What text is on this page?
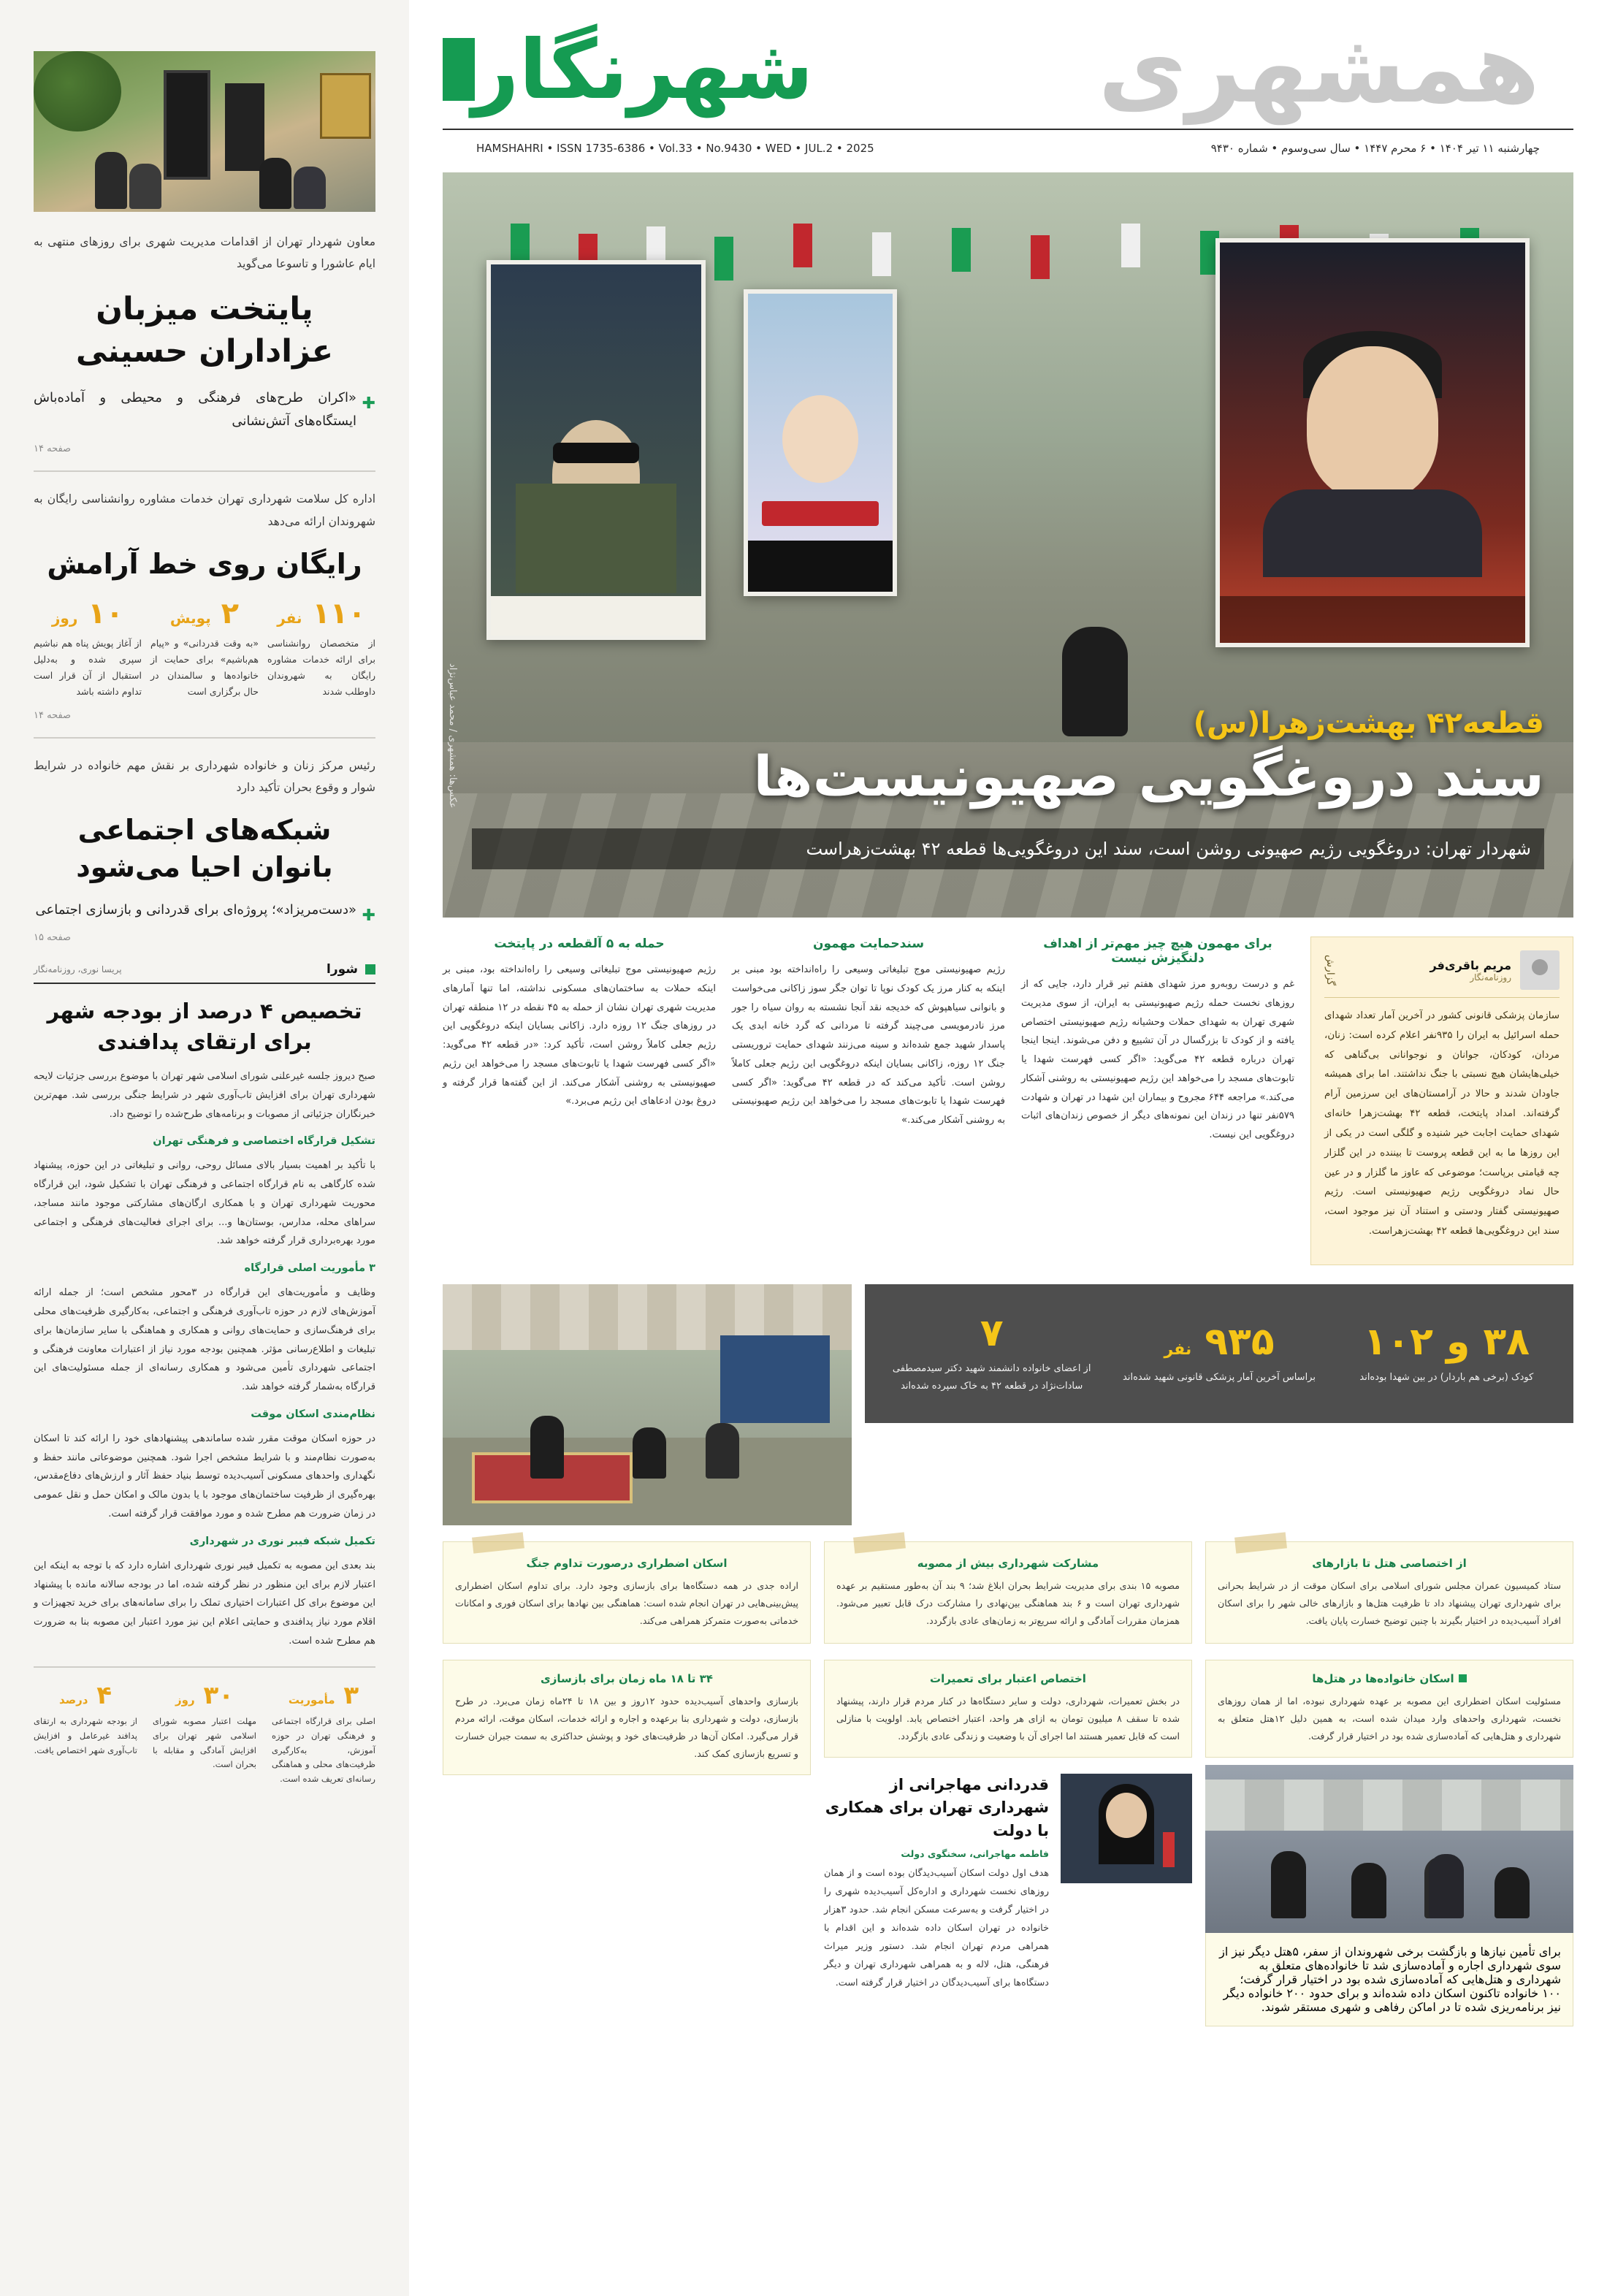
معاون شهردار تهران از اقدامات مدیریت شهری برای روزهای منتهی به ایام عاشورا و تاسوعا می‌گوید

پایتخت میزبان عزاداران حسینی
✚
«اکران طرح‌های فرهنگی و محیطی و آماده‌باش ایستگاه‌های آتش‌نشانی
صفحه ۱۴

اداره کل سلامت شهرداری تهران خدمات مشاوره روانشناسی رایگان به شهروندان ارائه می‌دهد

رایگان روی خط آرامش
۱۱۰ نفر
از متخصصان روانشناسی برای ارائه خدمات مشاوره رایگان به شهروندان داوطلب شدند
۲ پویش
«به وقت قدردانی» و «پیام هم‌باشیم» برای حمایت از خانواده‌ها و سالمندان در حال برگزاری است
۱۰ روز
از آغاز پویش پناه هم نباشیم سپری شده و به‌دلیل استقبال از آن قرار است تداوم داشته باشد
صفحه ۱۴

رئیس مرکز زنان و خانواده شهرداری بر نقش مهم خانواده در شرایط شوار و وقوع بحران تأکید دارد

شبکه‌های اجتماعی بانوان احیا می‌شود
✚
«دست‌مریزاد»؛ پروژه‌ای برای قدردانی و بازسازی اجتماعی
صفحه ۱۵
شورا
پریسا نوری، روزنامه‌نگار
تخصیص ۴ درصد از بودجه شهر برای ارتقای پدافندی

صبح دیروز جلسه غیرعلنی شورای اسلامی شهر تهران با موضوع بررسی جزئیات لایحه شهرداری تهران برای افزایش تاب‌آوری شهر در شرایط جنگی بررسی شد. مهم‌ترین خبرنگاران جزئیاتی از مصوبات و برنامه‌های طرح‌شده را توضیح داد.

تشکیل قرارگاه اختصاصی و فرهنگی تهران

با تأکید بر اهمیت بسیار بالای مسائل روحی، روانی و تبلیغاتی در این حوزه، پیشنهاد شده کارگاهی به نام قرارگاه اجتماعی و فرهنگی تهران با تشکیل شود، این قرارگاه محوریت شهرداری تهران و با همکاری ارگان‌های مشارکتی موجود مانند مساجد، سراهای محله، مدارس، بوستان‌ها و... برای اجرای فعالیت‌های فرهنگی و اجتماعی مورد بهره‌برداری قرار گرفته خواهد شد.

۳ مأموریت اصلی قرارگاه

وظایف و مأموریت‌های این قرارگاه در ۳محور مشخص است؛ از جمله ارائه آموزش‌های لازم در حوزه تاب‌آوری فرهنگی و اجتماعی، به‌کارگیری ظرفیت‌های محلی برای فرهنگ‌سازی و حمایت‌های روانی و همکاری و هماهنگی با سایر سازمان‌ها برای تبلیغات و اطلاع‌رسانی مؤثر. همچنین بودجه مورد نیاز از اعتبارات معاونت فرهنگی و اجتماعی شهرداری تأمین می‌شود و همکاری رسانه‌ای از جمله مسئولیت‌های این قرارگاه به‌شمار گرفته خواهد شد.

نظام‌مندی اسکان موقت

در حوزه اسکان موقت مقرر شده ساماندهی پیشنهادهای خود را ارائه کند تا اسکان به‌صورت نظام‌مند و با شرایط مشخص اجرا شود. همچنین موضوعاتی مانند حفظ و نگهداری واحدهای مسکونی آسیب‌دیده توسط بنیاد حفظ آثار و ارزش‌های دفاع‌مقدس، بهره‌گیری از ظرفیت ساختمان‌های موجود با یا بدون مالک و امکان حمل و نقل عمومی در زمان ضرورت هم مطرح شده و مورد موافقت قرار گرفته است.

تکمیل شبکه فیبر نوری در شهرداری

بند بعدی این مصوبه به تکمیل فیبر نوری شهرداری اشاره دارد که با توجه به اینکه این اعتبار لازم برای این منظور در نظر گرفته شده، اما در بودجه سالانه مانده با پیشنهاد این موضوع برای کل اعتبارات اختیاری تملک را برای سامانه‌های برای خرید تجهیزات و اقلام مورد نیاز پدافندی و حمایتی اعلام این نیز مورد اعتبار این مصوبه بنا به ضرورت هم مطرح شده است.

۳ مأموریت
اصلی برای قرارگاه اجتماعی و فرهنگی تهران در حوزه آموزش، به‌کارگیری ظرفیت‌های محلی و هماهنگی رسانه‌ای تعریف شده است.
۳۰ روز
مهلت اعتبار مصوبه شورای اسلامی شهر تهران برای افزایش آمادگی و مقابله با بحران است.
۴ درصد
از بودجه شهرداری به ارتقای پدافند غیرعامل و افزایش تاب‌آوری شهر اختصاص یافت.
همشهری
شهرنگار
HAMSHAHRI • ISSN 1735-6386 • Vol.33 • No.9430 • WED • JUL.2 • 2025	چهارشنبه ۱۱ تیر ۱۴۰۴ • ۶ محرم ۱۴۴۷ • سال سی‌وسوم • شماره ۹۴۳۰
قطعه۴۲ بهشت‌زهرا(س)
سند دروغگویی صهیونیست‌ها
شهردار تهران: دروغگویی رژیم صهیونی روشن است، سند این دروغگویی‌ها قطعه ۴۲ بهشت‌زهرا‌ست
عکس‌ها: همشهری / محمد عباس‌نژاد
مریم باقری‌فر
روزنامه‌نگار
گزارش

سازمان پزشکی قانونی کشور در آخرین آمار تعداد شهدای حمله اسرائیل به ایران را ۹۳۵نفر اعلام کرده است: زنان، مردان، کودکان، جوانان و نوجوانانی بی‌گناهی که خیلی‌هایشان هیچ نسبتی با جنگ نداشتند. اما برای همیشه جاودان شدند و حالا در آرامستان‌های این سرزمین آرام گرفته‌اند. امداد پایتخت، قطعه ۴۲ بهشت‌زهرا خانه‌ای شهدای حمایت اجابت خیر شنیده و گلگی است در یکی از این روزها ما به این قطعه پروست تا بیننده در این گلزار چه قیامتی برپاست؛ موضوعی که عاوز ما گلزار و در عین حال نماد دروغگویی رژیم صهیونیستی است. رژیم صهیونیستی گفتار ودستی و استناد آن نیز موجود است، سند این دروغگویی‌ها قطعه ۴۲ بهشت‌زهراست.

برای مهمون هیچ چیز مهم‌تر از اهداف دلنگیزش نیست

غم و درست روبه‌رو مرز شهدای هفتم تیر قرار دارد، جایی که از روزهای نخست حمله رژیم صهیونیستی به ایران، از سوی مدیریت شهری تهران به شهدای حملات وحشیانه رژیم صهیونیستی اختصاص یافته و از کودک تا بزرگسال در آن تشییع و دفن می‌شوند. اینجا اینجا تهران درباره قطعه ۴۲ می‌گوید: «اگر کسی فهرست شهدا یا تابوت‌های مسجد را می‌خواهد این رژیم صهیونیستی به روشنی آشکار می‌کند.» مراجعه ۶۴۴ مجروح و بیماران این شهدا در تهران و شهادت ۵۷۹نفر تنها در زندان این نمونه‌های دیگر از خصوص زندان‌های اثبات دروغگویی این نیست.

سندحمایت مهمون

رژیم صهیونیستی موج تبلیغاتی وسیعی را راه‌انداخته بود مبنی بر اینکه به کنار مرز یک کودک نوپا تا توان جگر سوز زاکانی می‌خواست و بانوانی سیاهپوش که خدیجه نقد آنجا نشسته به روان سیاه را جور مرز نادرمویسی می‌چیند گرفته تا مردانی که گرد خانه ابدی یک پاسدار شهید جمع شده‌اند و سینه می‌زنند شهدای حمایت تروریستی جنگ ۱۲ روزه، زاکانی بسایان اینکه دروغگویی این رژیم جعلی کاملاً روشن است. تأکید می‌کند که در قطعه ۴۲ می‌گوید: «اگر کسی فهرست شهدا یا تابوت‌های مسجد را می‌خواهد این رژیم صهیونیستی به روشنی آشکار می‌کند.»

حمله به ۵ آلقطعه در پایتخت

رژیم صهیونیستی موج تبلیغاتی وسیعی را راه‌انداخته بود، مبنی بر اینکه حملات به ساختمان‌های مسکونی نداشته، اما تنها آمارهای مدیریت شهری تهران نشان از حمله به ۴۵ نقطه در ۱۲ منطقه تهران در روزهای جنگ ۱۲ روزه دارد. زاکانی بسایان اینکه دروغگویی این رژیم جعلی کاملاً روشن است، تأکید کرد: «در قطعه ۴۲ می‌گوید: «اگر کسی فهرست شهدا یا تابوت‌های مسجد را می‌خواهد این رژیم صهیونیستی به روشنی آشکار می‌کند. از این گفته‌ها قرار گرفته و دروغ بودن ادعاهای این رژیم می‌برد.»

۳۸ و ۱۰۲
کودک (برخی هم باردار) در بین شهدا بوده‌اند
۹۳۵ نفر
براساس آخرین آمار پزشکی قانونی شهید شده‌اند
۷
از اعضای خانواده دانشمند شهید دکتر سیدمصطفی سادات‌نژاد در قطعه ۴۲ به خاک سپرده شده‌اند
از اختصاصی هتل تا بازارهای

ستاد کمیسیون عمران مجلس شورای اسلامی برای اسکان موقت از در شرایط بحرانی برای شهرداری تهران پیشنهاد داد تا ظرفیت هتل‌ها و بازارهای خالی شهر را برای اسکان افراد آسیب‌دیده در اختیار بگیرند با چنین توضیح خسارت پایان یافت.

مشارکت شهرداری بیش از مصوبه

مصوبه ۱۵ بندی برای مدیریت شرایط بحران ابلاغ شد؛ ۹ بند آن به‌طور مستقیم بر عهده شهرداری تهران است و ۶ بند هماهنگی بین‌نهادی را مشارکت درک قابل تعبیر می‌شود. همزمان مقررات آمادگی و ارائه سریع‌تر به زمان‌های عادی بازگردد.

اسکان اضطراری درصورت تداوم جنگ

اراده جدی در همه دستگاه‌ها برای بازسازی وجود دارد. برای تداوم اسکان اضطراری پیش‌بینی‌هایی در تهران انجام شده است: هماهنگی بین نهادها برای اسکان فوری و امکانات خدماتی به‌صورت متمرکز همراهی می‌کند.

اسکان خانواده‌ها در هتل‌ها

مسئولیت اسکان اضطراری این مصوبه بر عهده شهرداری نبوده، اما از همان روزهای نخست، شهرداری واحدهای وارد میدان شده است، به همین دلیل ۱۲هتل متعلق به شهرداری و هتل‌هایی که آماده‌سازی شده بود در اختیار قرار گرفت.

برای تأمین نیازها و بازگشت برخی شهروندان از سفر، ۵هتل دیگر نیز از سوی شهرداری اجاره و آماده‌سازی شد تا خانواده‌های متعلق به شهرداری و هتل‌هایی که آماده‌سازی شده بود در اختیار قرار گرفت؛ ۱۰۰ خانواده تاکنون اسکان داده شده‌اند و برای حدود ۲۰۰ خانواده دیگر نیز برنامه‌ریزی شده تا در اماکن رفاهی و شهری مستقر شوند.

اختصاص اعتبار برای تعمیرات

در بخش تعمیرات، شهرداری، دولت و سایر دستگاه‌ها در کنار مردم قرار دارند، پیشنهاد شده تا سقف ۸ میلیون تومان به ازای هر واحد، اعتبار اختصاص یابد. اولویت با منازلی است که قابل تعمیر هستند اما اجرای آن با وضعیت و زندگی عادی بازگردد.

قدردانی مهاجرانی از شهرداری تهران برای همکاری با دولت
فاطمه مهاجرانی، سخنگوی دولت
هدف اول دولت اسکان آسیب‌دیدگان بوده است و از همان روزهای نخست شهرداری و اداره‌کل آسیب‌دیده شهری را در اختیار گرفت و به‌سرعت مسکن انجام شد. حدود ۳هزار خانواده در تهران اسکان داده شده‌اند و این اقدام با همراهی مردم تهران انجام شد. دستور وزیر میراث فرهنگی، هتل، لاله و به همراهی شهرداری تهران و دیگر دستگاه‌ها برای آسیب‌دیدگان در اختیار قرار گرفته است.
۳۴ تا ۱۸ ماه زمان برای بازسازی

بازسازی واحدهای آسیب‌دیده حدود ۱۲روز و بین ۱۸ تا ۲۴ماه زمان می‌برد. در طرح بازسازی، دولت و شهرداری بنا برعهده و اجاره و ارائه خدمات، اسکان موقت، ارائه مردم قرار می‌گیرد. امکان آن‌ها در ظرفیت‌های خود و پوشش حداکثری به سمت جبران خسارت و تسریع بازسازی کمک کند.
